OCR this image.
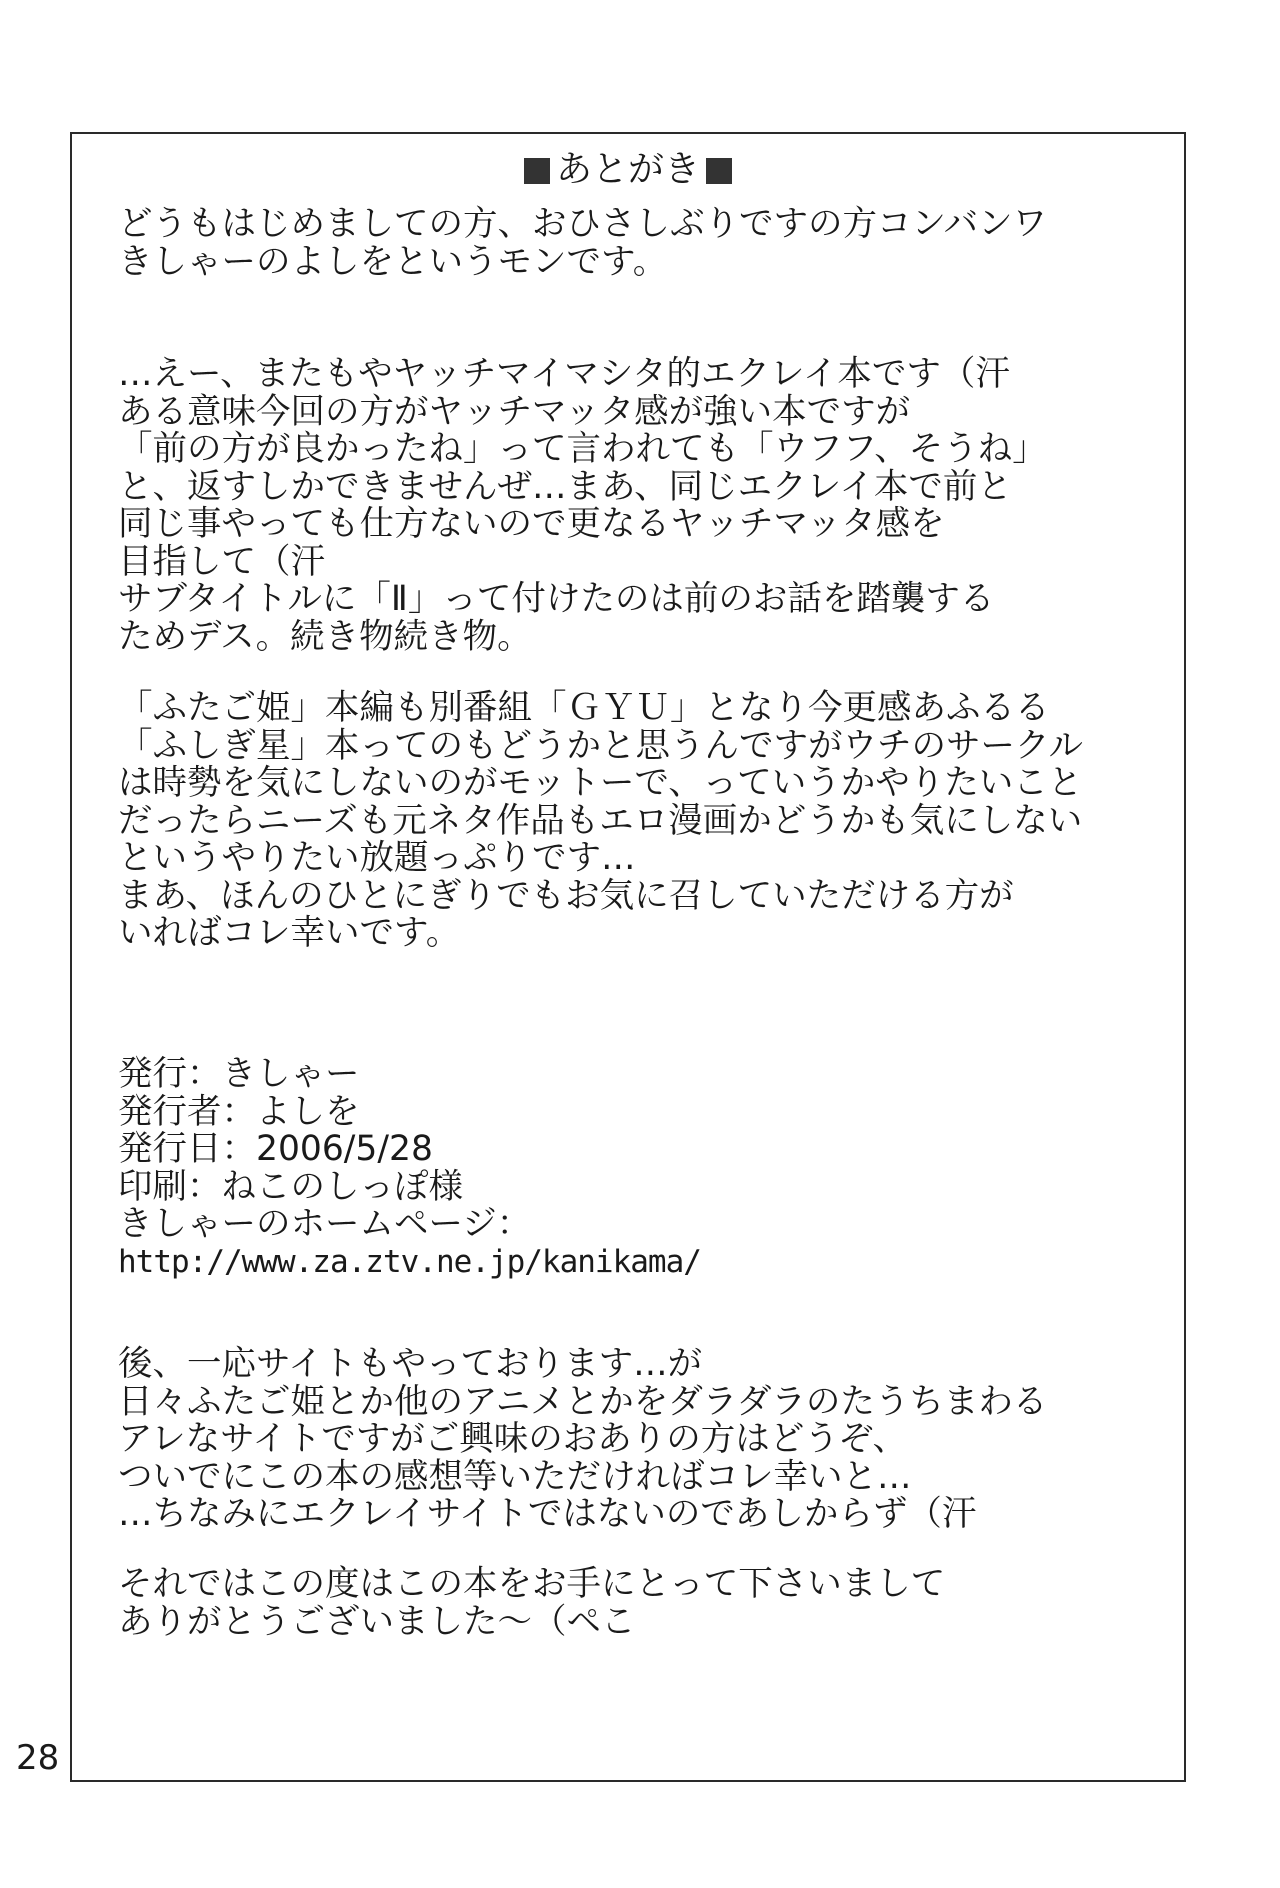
あとがき
どうもはじめましての方、おひさしぶりですの方コンバンワ
きしゃーのよしをというモンです。
…えー、またもやヤッチマイマシタ的エクレイ本です（汗
ある意味今回の方がヤッチマッタ感が強い本ですが
「前の方が良かったね」って言われても「ウフフ、そうね」
と、返すしかできませんぜ…まあ、同じエクレイ本で前と
同じ事やっても仕方ないので更なるヤッチマッタ感を
目指して（汗
サブタイトルに「Ⅱ」って付けたのは前のお話を踏襲する
ためデス。続き物続き物。
「ふたご姫」本編も別番組「ＧＹＵ」となり今更感あふるる
「ふしぎ星」本ってのもどうかと思うんですがウチのサークル
は時勢を気にしないのがモットーで、っていうかやりたいこと
だったらニーズも元ネタ作品もエロ漫画かどうかも気にしない
というやりたい放題っぷりです…
まあ、ほんのひとにぎりでもお気に召していただける方が
いればコレ幸いです。
発行：きしゃー
発行者：よしを
発行日：2006/5/28
印刷：ねこのしっぽ様
きしゃーのホームページ：
http://www.za.ztv.ne.jp/kanikama/
後、一応サイトもやっております…が
日々ふたご姫とか他のアニメとかをダラダラのたうちまわる
アレなサイトですがご興味のおありの方はどうぞ、
ついでにこの本の感想等いただければコレ幸いと…
…ちなみにエクレイサイトではないのであしからず（汗
それではこの度はこの本をお手にとって下さいまして
ありがとうございました～（ペこ
28
